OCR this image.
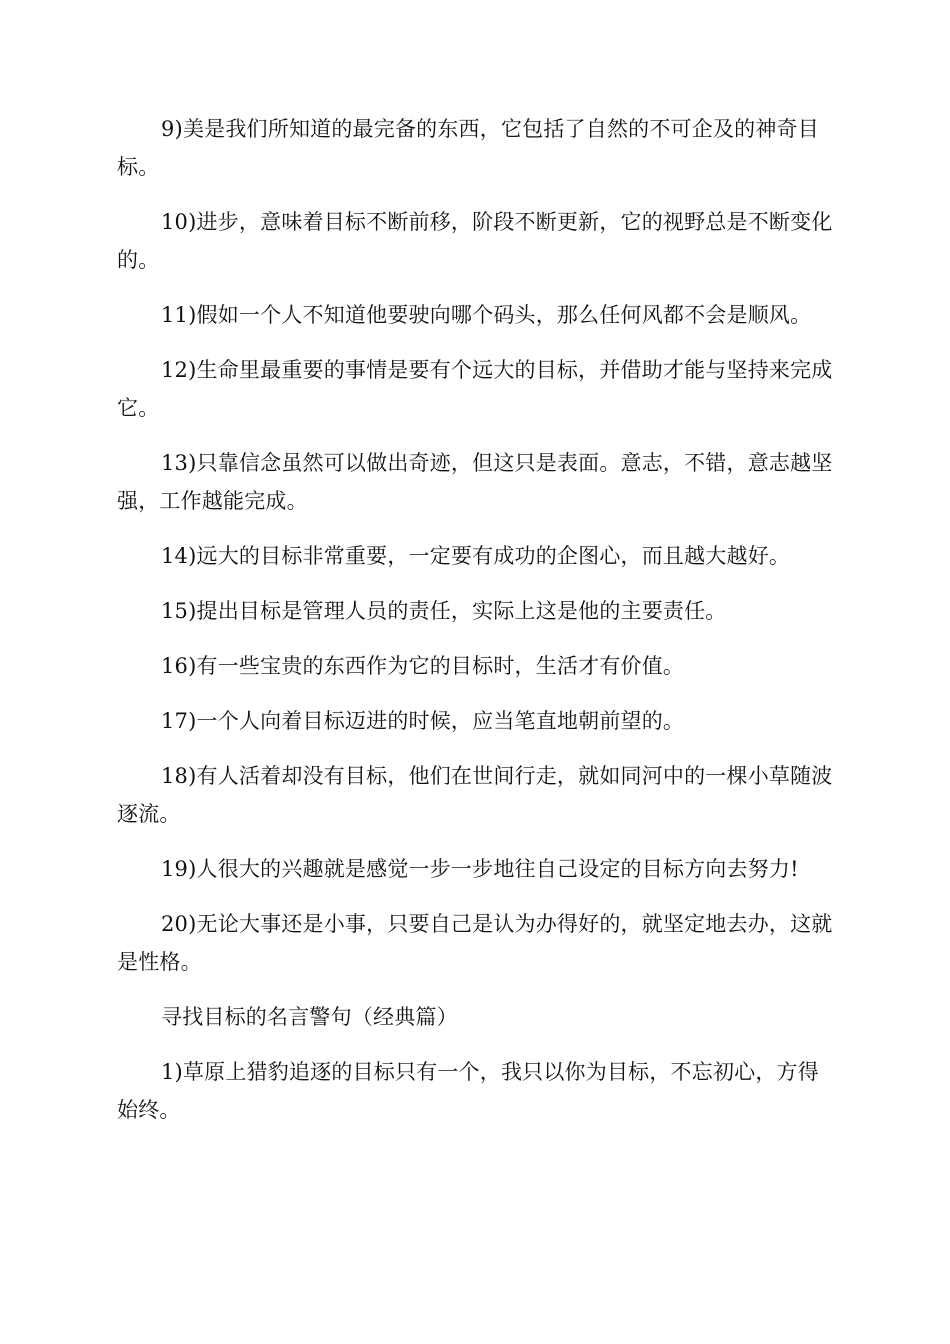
9)美是我们所知道的最完备的东西，它包括了自然的不可企及的神奇目标。

10)进步，意味着目标不断前移，阶段不断更新，它的视野总是不断变化的。

11)假如一个人不知道他要驶向哪个码头，那么任何风都不会是顺风。

12)生命里最重要的事情是要有个远大的目标，并借助才能与坚持来完成它。

13)只靠信念虽然可以做出奇迹，但这只是表面。意志，不错，意志越坚强，工作越能完成。

14)远大的目标非常重要，一定要有成功的企图心，而且越大越好。

15)提出目标是管理人员的责任，实际上这是他的主要责任。

16)有一些宝贵的东西作为它的目标时，生活才有价值。

17)一个人向着目标迈进的时候，应当笔直地朝前望的。

18)有人活着却没有目标，他们在世间行走，就如同河中的一棵小草随波逐流。

19)人很大的兴趣就是感觉一步一步地往自己设定的目标方向去努力!

20)无论大事还是小事，只要自己是认为办得好的，就坚定地去办，这就是性格。

寻找目标的名言警句（经典篇）

1)草原上猎豹追逐的目标只有一个，我只以你为目标，不忘初心，方得始终。
